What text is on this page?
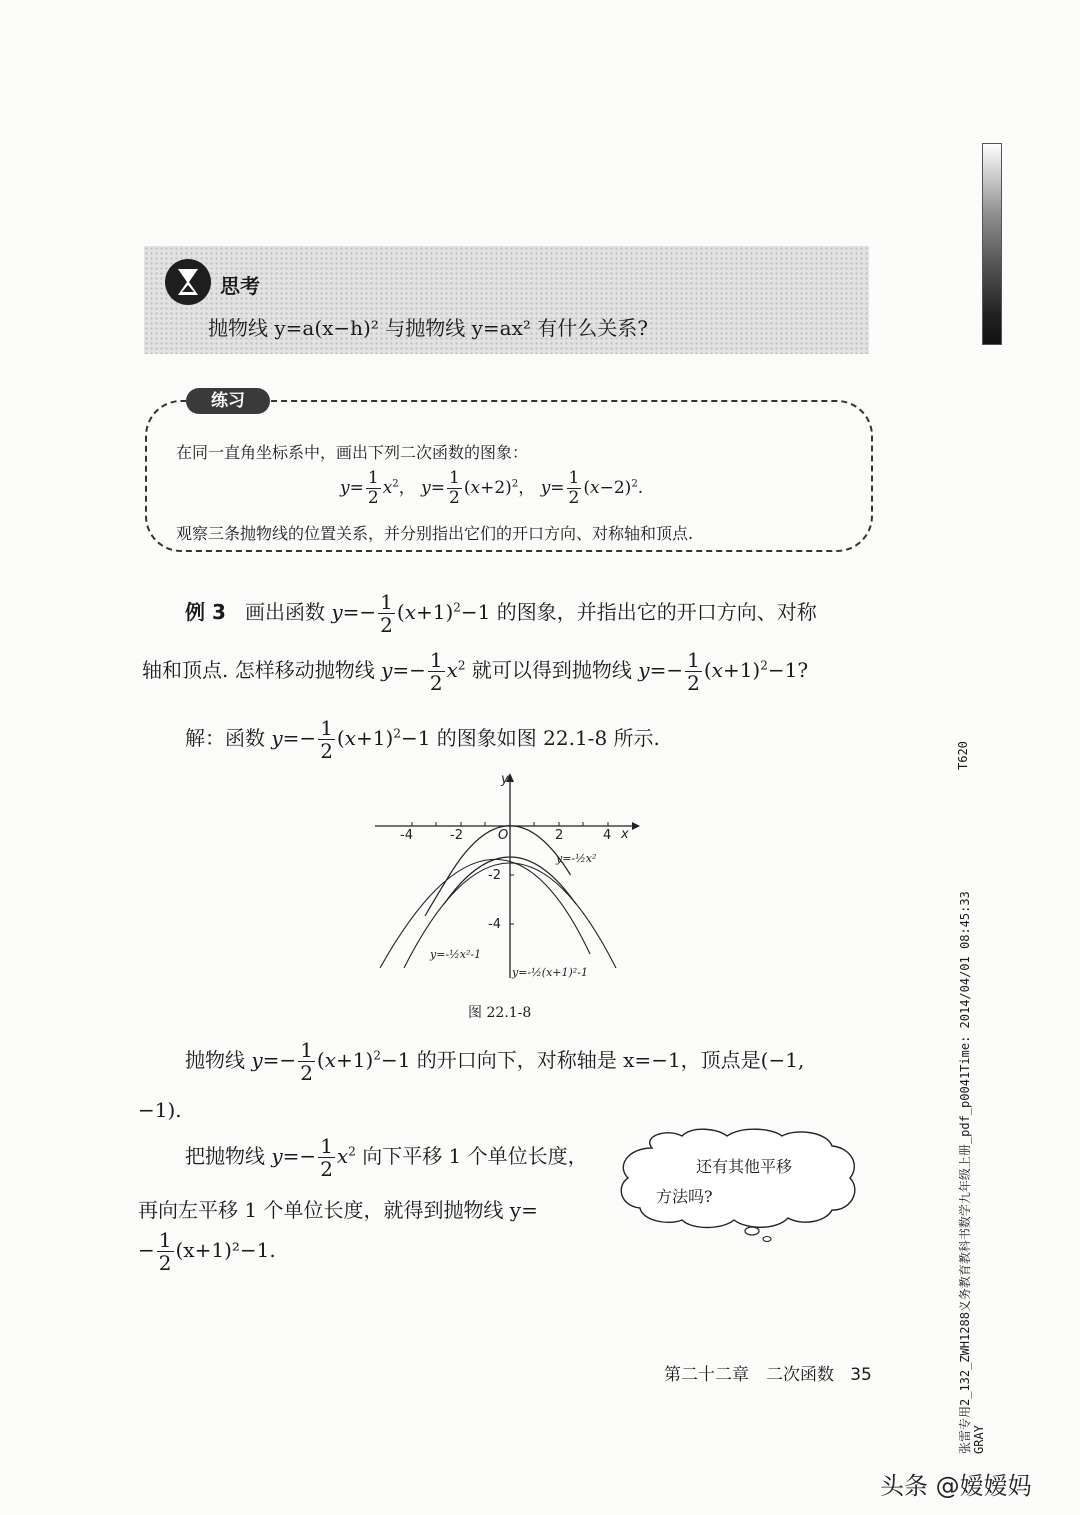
思考
抛物线 y=a(x−h)² 与抛物线 y=ax² 有什么关系?
练习
在同一直角坐标系中，画出下列二次函数的图象：
$y= \frac{1}{2} x^2$， $y= \frac{1}{2} (x+2)^2$， $y= \frac{1}{2} (x-2)^2$.
观察三条抛物线的位置关系，并分别指出它们的开口方向、对称轴和顶点.
例 3 画出函数 $y=- \frac{1}{2} (x+1)^2-1$ 的图象，并指出它的开口方向、对称
轴和顶点. 怎样移动抛物线 $y=- \frac{1}{2} x^2$ 就可以得到抛物线 $y=- \frac{1}{2} (x+1)^2-1$?
解：函数 $y=- \frac{1}{2} (x+1)^2-1$ 的图象如图 22.1-8 所示.
-4	-2	O	2	4 x
y
-2
-4
y=-½x²
y=-½x²-1
y=-½(x+1)²-1
图 22.1-8
抛物线 $y=- \frac{1}{2} (x+1)^2-1$ 的开口向下，对称轴是 x=−1，顶点是(−1,
−1).
把抛物线 $y=- \frac{1}{2} x^2$ 向下平移 1 个单位长度，
再向左平移 1 个单位长度，就得到抛物线 y=
− $\frac{1}{2} (x+1)^2-1$.
还有其他平移
方法吗?
第二十二章　二次函数 35	张雷专用2_132_ZWH1288义务教育教科书数学九年级上册_pdf_p0041Time: 2014/04/01 08:45:33
T620
GRAY
头条 @嫒嫒妈
